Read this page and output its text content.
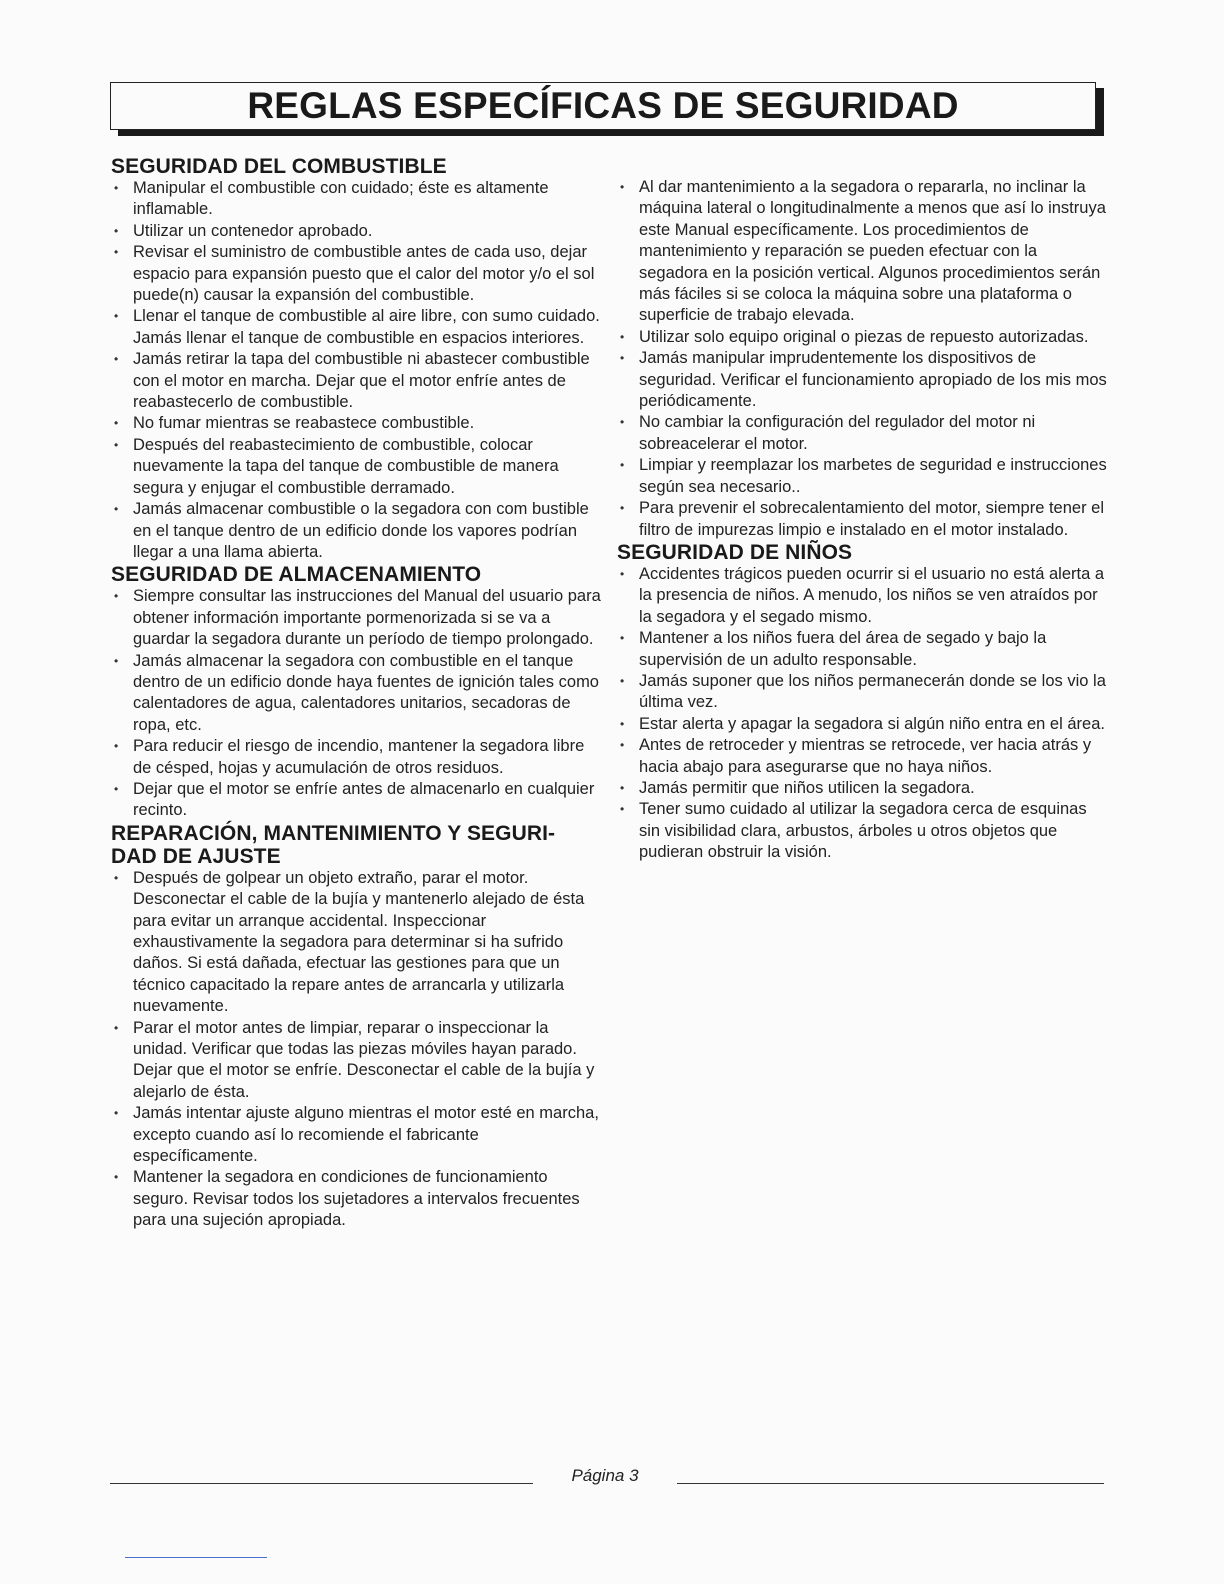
REGLAS ESPECÍFICAS DE SEGURIDAD
SEGURIDAD DEL COMBUSTIBLE
• Manipular el combustible con cuidado; éste es altamente inflamable.
• Utilizar un contenedor aprobado.
• Revisar el suministro de combustible antes de cada uso, dejar espacio para expansión puesto que el calor del motor y/o el sol puede(n) causar la expansión del combustible.
• Llenar el tanque de combustible al aire libre, con sumo cuidado. Jamás llenar el tanque de combustible en espacios interiores.
• Jamás retirar la tapa del combustible ni abastecer combustible con el motor en marcha. Dejar que el motor enfríe antes de reabastecerlo de combustible.
• No fumar mientras se reabastece combustible.
• Después del reabastecimiento de combustible, colocar nuevamente la tapa del tanque de combustible de manera segura y enjugar el combustible derramado.
• Jamás almacenar combustible o la segadora con com bustible en el tanque dentro de un edificio donde los vapores podrían llegar a una llama abierta.
SEGURIDAD DE ALMACENAMIENTO
• Siempre consultar las instrucciones del Manual del usuario para obtener información importante pormenorizada si se va a guardar la segadora durante un período de tiempo prolongado.
• Jamás almacenar la segadora con combustible en el tanque dentro de un edificio donde haya fuentes de ignición tales como calentadores de agua, calentadores unitarios, secadoras de ropa, etc.
• Para reducir el riesgo de incendio, mantener la segadora libre de césped, hojas y acumulación de otros residuos.
• Dejar que el motor se enfríe antes de almacenarlo en cualquier recinto.
REPARACIÓN, MANTENIMIENTO Y SEGURI-DAD DE AJUSTE
• Después de golpear un objeto extraño, parar el motor. Desconectar el cable de la bujía y mantenerlo alejado de ésta para evitar un arranque accidental. Inspeccionar exhaustivamente la segadora para determinar si ha sufrido daños. Si está dañada, efectuar las gestiones para que un técnico capacitado la repare antes de arrancarla y utilizarla nuevamente.
• Parar el motor antes de limpiar, reparar o inspeccionar la unidad. Verificar que todas las piezas móviles hayan parado. Dejar que el motor se enfríe. Desconectar el cable de la bujía y alejarlo de ésta.
• Jamás intentar ajuste alguno mientras el motor esté en marcha, excepto cuando así lo recomiende el fabricante específicamente.
• Mantener la segadora en condiciones de funcionamiento seguro. Revisar todos los sujetadores a intervalos frecuentes para una sujeción apropiada.
• Al dar mantenimiento a la segadora o repararla, no inclinar la máquina lateral o longitudinalmente a menos que así lo instruya este Manual específicamente. Los procedimientos de mantenimiento y reparación se pueden efectuar con la segadora en la posición vertical. Algunos procedimientos serán más fáciles si se coloca la máquina sobre una plataforma o superficie de trabajo elevada.
• Utilizar solo equipo original o piezas de repuesto autorizadas.
• Jamás manipular imprudentemente los dispositivos de seguridad. Verificar el funcionamiento apropiado de los mis mos periódicamente.
• No cambiar la configuración del regulador del motor ni sobreacelerar el motor.
• Limpiar y reemplazar los marbetes de seguridad e instrucciones según sea necesario..
• Para prevenir el sobrecalentamiento del motor, siempre tener el filtro de impurezas limpio e instalado en el motor instalado.
SEGURIDAD DE NIÑOS
• Accidentes trágicos pueden ocurrir si el usuario no está alerta a la presencia de niños. A menudo, los niños se ven atraídos por la segadora y el segado mismo.
• Mantener a los niños fuera del área de segado y bajo la supervisión de un adulto responsable.
• Jamás suponer que los niños permanecerán donde se los vio la última vez.
• Estar alerta y apagar la segadora si algún niño entra en el área.
• Antes de retroceder y mientras se retrocede, ver hacia atrás y hacia abajo para asegurarse que no haya niños.
• Jamás permitir que niños utilicen la segadora.
• Tener sumo cuidado al utilizar la segadora cerca de esquinas sin visibilidad clara, arbustos, árboles u otros objetos que pudieran obstruir la visión.
Página 3
